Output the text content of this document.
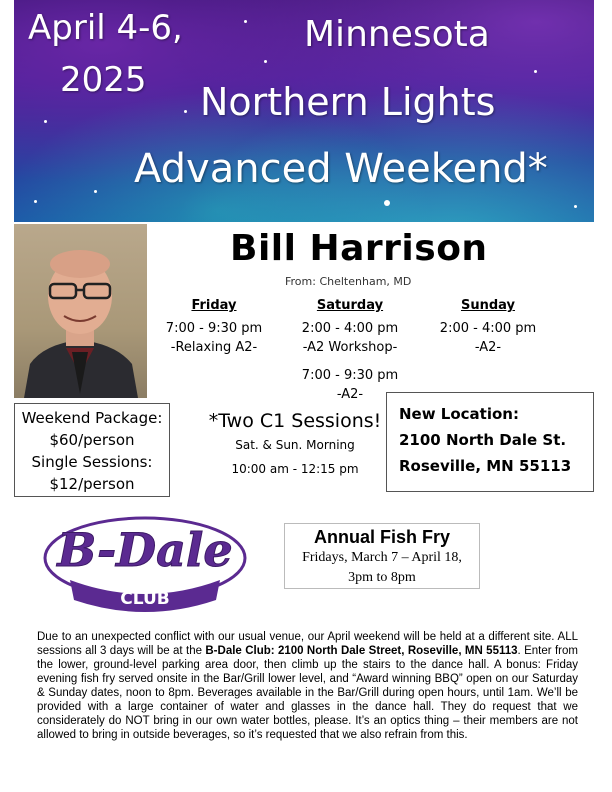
April 4-6,
2025
Minnesota
Northern Lights
Advanced Weekend*
Bill Harrison
From: Cheltenham, MD
Friday
7:00 - 9:30 pm
-Relaxing A2-
Saturday
2:00 - 4:00 pm
-A2 Workshop-
Sunday
2:00 - 4:00 pm
-A2-
7:00 - 9:30 pm
-A2-
Weekend Package:
$60/person
Single Sessions:
$12/person
*Two C1 Sessions!
Sat. & Sun. Morning
10:00 am - 12:15 pm
New Location:
2100 North Dale St.
Roseville, MN 55113
B-Dale
CLUB
Annual Fish Fry
Fridays, March 7 – April 18,
3pm to 8pm
Due to an unexpected conflict with our usual venue, our April weekend will be held at a different site. ALL sessions all 3 days will be at the B-Dale Club: 2100 North Dale Street, Roseville, MN 55113. Enter from the lower, ground-level parking area door, then climb up the stairs to the dance hall. A bonus: Friday evening fish fry served onsite in the Bar/Grill lower level, and “Award winning BBQ” open on our Saturday & Sunday dates, noon to 8pm. Beverages available in the Bar/Grill during open hours, until 1am. We’ll be provided with a large container of water and glasses in the dance hall. They do request that we considerately do NOT bring in our own water bottles, please. It’s an optics thing – their members are not allowed to bring in outside beverages, so it’s requested that we also refrain from this.
